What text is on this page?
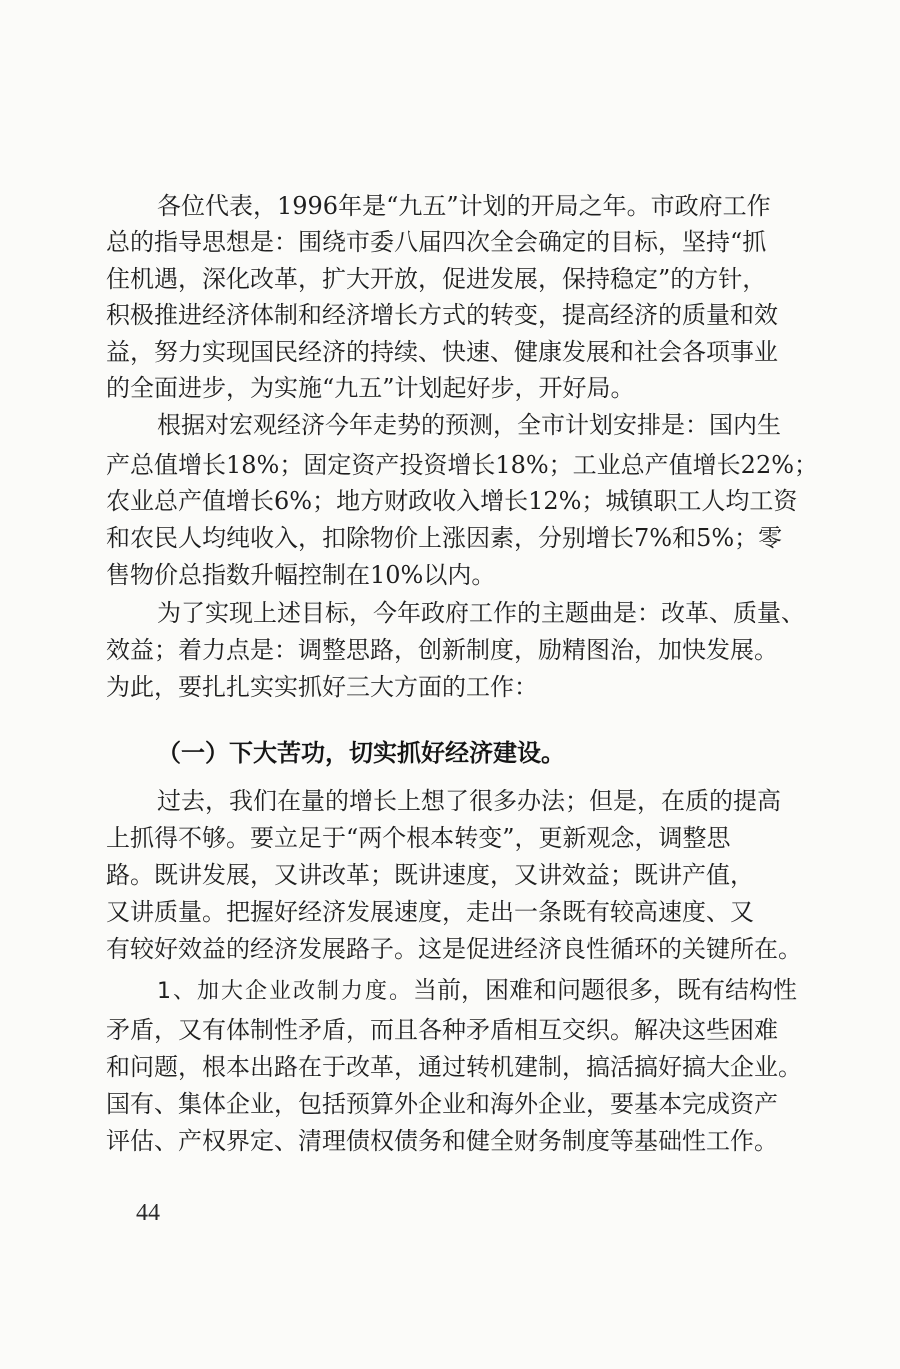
各位代表，1996年是“九五”计划的开局之年。市政府工作
总的指导思想是：围绕市委八届四次全会确定的目标，坚持“抓
住机遇，深化改革，扩大开放，促进发展，保持稳定”的方针，
积极推进经济体制和经济增长方式的转变，提高经济的质量和效
益，努力实现国民经济的持续、快速、健康发展和社会各项事业
的全面进步，为实施“九五”计划起好步，开好局。
根据对宏观经济今年走势的预测，全市计划安排是：国内生
产总值增长18%；固定资产投资增长18%；工业总产值增长22%；
农业总产值增长6%；地方财政收入增长12%；城镇职工人均工资
和农民人均纯收入，扣除物价上涨因素，分别增长7%和5%；零
售物价总指数升幅控制在10%以内。
为了实现上述目标，今年政府工作的主题曲是：改革、质量、
效益；着力点是：调整思路，创新制度，励精图治，加快发展。
为此，要扎扎实实抓好三大方面的工作：
（一）下大苦功，切实抓好经济建设。
过去，我们在量的增长上想了很多办法；但是，在质的提高
上抓得不够。要立足于“两个根本转变”，更新观念，调整思
路。既讲发展，又讲改革；既讲速度，又讲效益；既讲产值，
又讲质量。把握好经济发展速度，走出一条既有较高速度、又
有较好效益的经济发展路子。这是促进经济良性循环的关键所在。
1、加大企业改制力度。当前，困难和问题很多，既有结构性
矛盾，又有体制性矛盾，而且各种矛盾相互交织。解决这些困难
和问题，根本出路在于改革，通过转机建制，搞活搞好搞大企业。
国有、集体企业，包括预算外企业和海外企业，要基本完成资产
评估、产权界定、清理债权债务和健全财务制度等基础性工作。
44
